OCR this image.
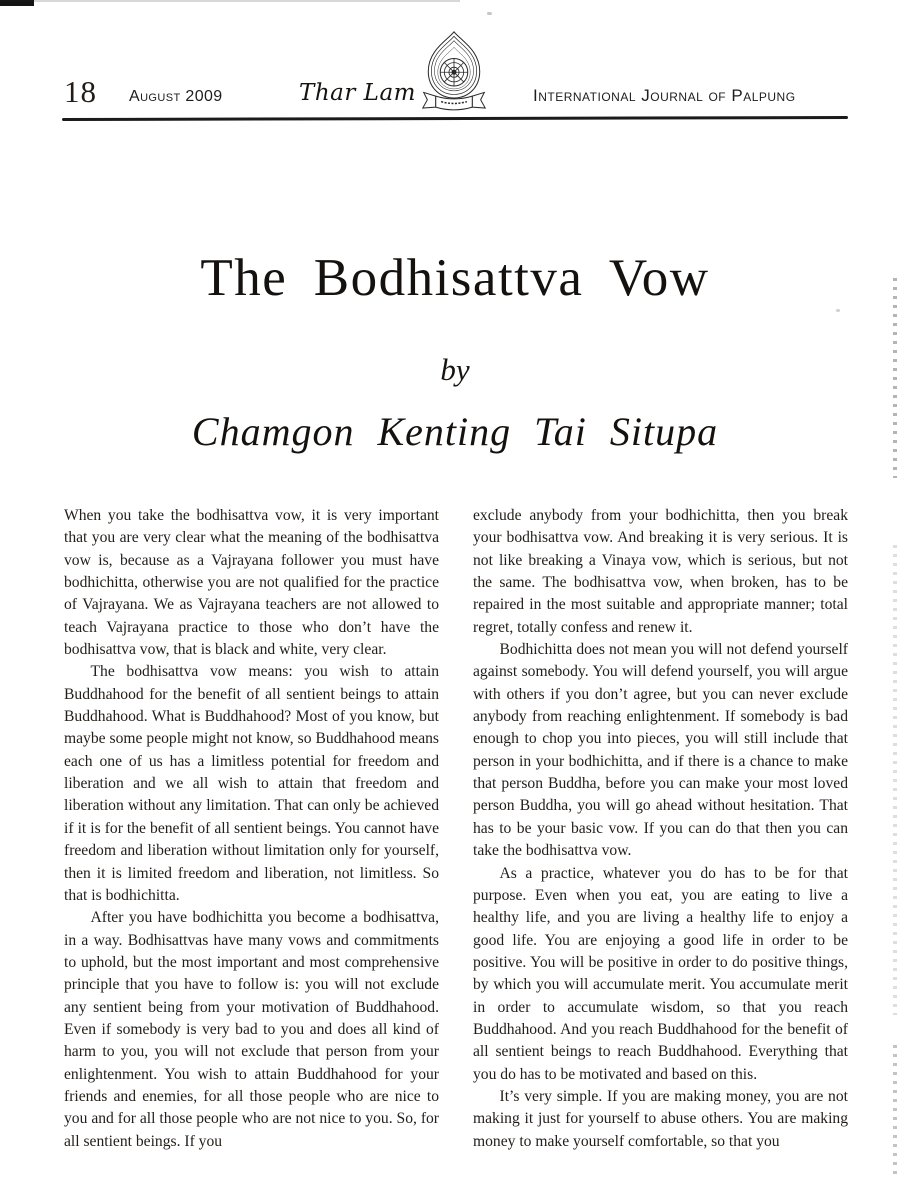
18 August 2009	Thar Lam	International Journal of Palpung
The Bodhisattva Vow
by
Chamgon Kenting Tai Situpa

When you take the bodhisattva vow, it is very important that you are very clear what the meaning of the bodhisattva vow is, because as a Vajrayana follower you must have bodhichitta, otherwise you are not qualified for the practice of Vajrayana. We as Vajrayana teachers are not allowed to teach Vajrayana practice to those who don’t have the bodhisattva vow, that is black and white, very clear.

The bodhisattva vow means: you wish to attain Buddhahood for the benefit of all sentient beings to attain Buddhahood. What is Buddhahood? Most of you know, but maybe some people might not know, so Buddhahood means each one of us has a limitless potential for freedom and liberation and we all wish to attain that freedom and liberation without any limitation. That can only be achieved if it is for the benefit of all sentient beings. You cannot have freedom and liberation without limitation only for yourself, then it is limited freedom and liberation, not limitless. So that is bodhichitta.

After you have bodhichitta you become a bodhisattva, in a way. Bodhisattvas have many vows and commitments to uphold, but the most important and most comprehensive principle that you have to follow is: you will not exclude any sentient being from your motivation of Buddhahood. Even if somebody is very bad to you and does all kind of harm to you, you will not exclude that person from your enlightenment. You wish to attain Buddhahood for your friends and enemies, for all those people who are nice to you and for all those people who are not nice to you. So, for all sentient beings. If you

exclude anybody from your bodhichitta, then you break your bodhisattva vow. And breaking it is very serious. It is not like breaking a Vinaya vow, which is serious, but not the same. The bodhisattva vow, when broken, has to be repaired in the most suitable and appropriate manner; total regret, totally confess and renew it.

Bodhichitta does not mean you will not defend yourself against somebody. You will defend yourself, you will argue with others if you don’t agree, but you can never exclude anybody from reaching enlightenment. If somebody is bad enough to chop you into pieces, you will still include that person in your bodhichitta, and if there is a chance to make that person Buddha, before you can make your most loved person Buddha, you will go ahead without hesitation. That has to be your basic vow. If you can do that then you can take the bodhisattva vow.

As a practice, whatever you do has to be for that purpose. Even when you eat, you are eating to live a healthy life, and you are living a healthy life to enjoy a good life. You are enjoying a good life in order to be positive. You will be positive in order to do positive things, by which you will accumulate merit. You accumulate merit in order to accumulate wisdom, so that you reach Buddhahood. And you reach Buddhahood for the benefit of all sentient beings to reach Buddhahood. Everything that you do has to be motivated and based on this.

It’s very simple. If you are making money, you are not making it just for yourself to abuse others. You are making money to make yourself comfortable, so that you
